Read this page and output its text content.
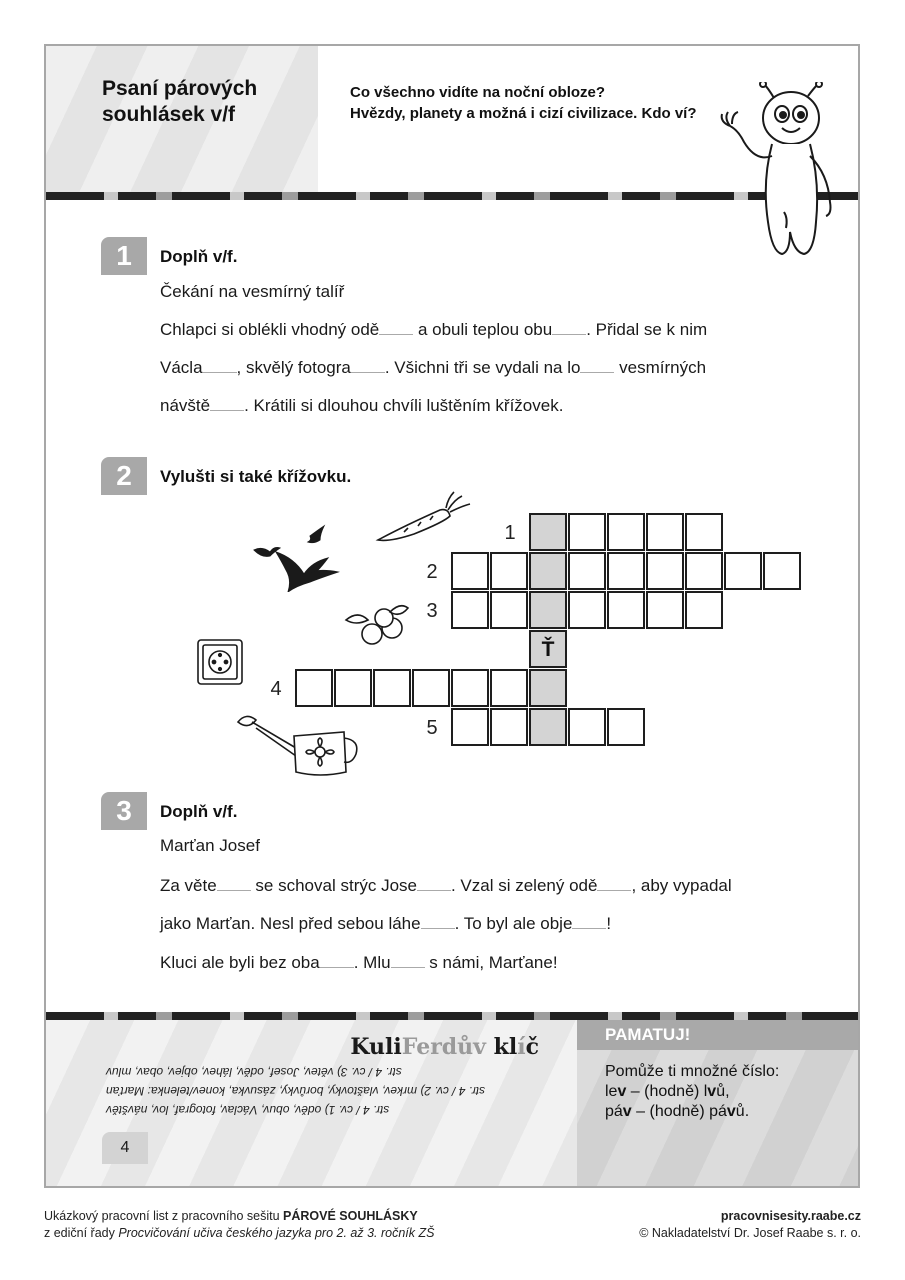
Psaní párových
souhlásek v/f

Co všechno vidíte na noční obloze?
Hvězdy, planety a možná i cizí civilizace. Kdo ví?

KuliFerdův klíč

str. 4 / cv. 1) oděv, obuv, Václav, fotograf, lov, návštěv

str. 4 / cv. 2) mrkev, vlaštovky, borůvky, zásuvka, konev/telenka: Marťan

str. 4 / cv. 3) větev, Josef, oděv, láhev, objev, obav, mluv

4
PAMATUJ!

Pomůže ti množné číslo:

lev – (hodně) lvů,

páv – (hodně) pávů.

1	Doplň v/f.
Čekání na vesmírný talíř
Chlapci si oblékli vhodný odě a obuli teplou obu . Přidal se k nim
Václa , skvělý fotogra . Všichni tři se vydali na lo vesmírných
návště . Krátili si dlouhou chvíli luštěním křížovek.
2	Vylušti si také křížovku.
1
2
3
4
5
Ť
3	Doplň v/f.
Marťan Josef
Za věte se schoval strýc Jose . Vzal si zelený odě , aby vypadal
jako Marťan. Nesl před sebou láhe . To byl ale obje !
Kluci ale byli bez oba . Mlu s námi, Marťane!

Ukázkový pracovní list z pracovního sešitu PÁROVÉ SOUHLÁSKY

z ediční řady Procvičování učiva českého jazyka pro 2. až 3. ročník ZŠ

pracovnisesity.raabe.cz

© Nakladatelství Dr. Josef Raabe s. r. o.
